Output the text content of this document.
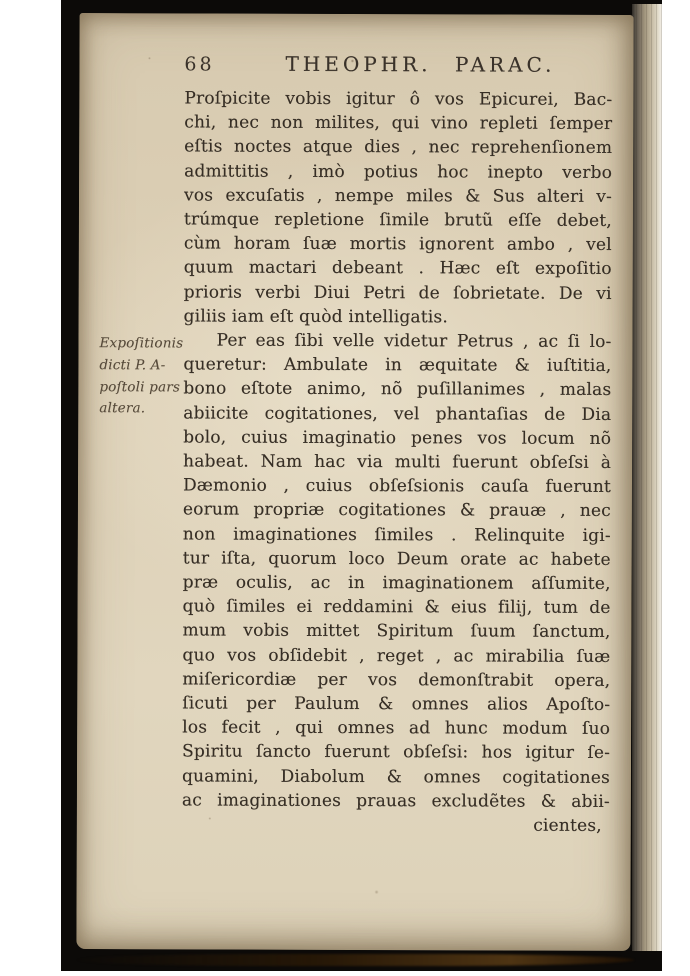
68	THEOPHR. PARAC.
Expoſitionis
dicti P. A-
poſtoli pars
altera.
Proſpicite vobis igitur ô vos Epicurei, Bac-
chi, nec non milites, qui vino repleti ſemper
eſtis noctes atque dies , nec reprehenſionem
admittitis , imò potius hoc inepto verbo
vos excuſatis , nempe miles & Sus alteri v-
trúmque repletione ſimile brutũ eſſe debet,
cùm horam ſuæ mortis ignorent ambo , vel
quum mactari debeant . Hæc eſt expoſitio
prioris verbi Diui Petri de ſobrietate. De vi
giliis iam eſt quòd intelligatis.
Per eas ſibi velle videtur Petrus , ac ſi lo-
queretur: Ambulate in æquitate & iuſtitia,
bono eſtote animo, nõ puſillanimes , malas
abiicite cogitationes, vel phantaſias de Dia
bolo, cuius imaginatio penes vos locum nõ
habeat. Nam hac via multi fuerunt obſeſsi à
Dæmonio , cuius obſeſsionis cauſa fuerunt
eorum propriæ cogitationes & prauæ , nec
non imaginationes ſimiles . Relinquite igi-
tur iſta, quorum loco Deum orate ac habete
præ oculis, ac in imaginationem aſſumite,
quò ſimiles ei reddamini & eius filij, tum de
mum vobis mittet Spiritum ſuum ſanctum,
quo vos obſidebit , reget , ac mirabilia ſuæ
miſericordiæ per vos demonſtrabit opera,
ſicuti per Paulum & omnes alios Apoſto-
los fecit , qui omnes ad hunc modum ſuo
Spiritu ſancto fuerunt obſeſsi: hos igitur ſe-
quamini, Diabolum & omnes cogitationes
ac imaginationes prauas excludẽtes & abii-
cientes,
